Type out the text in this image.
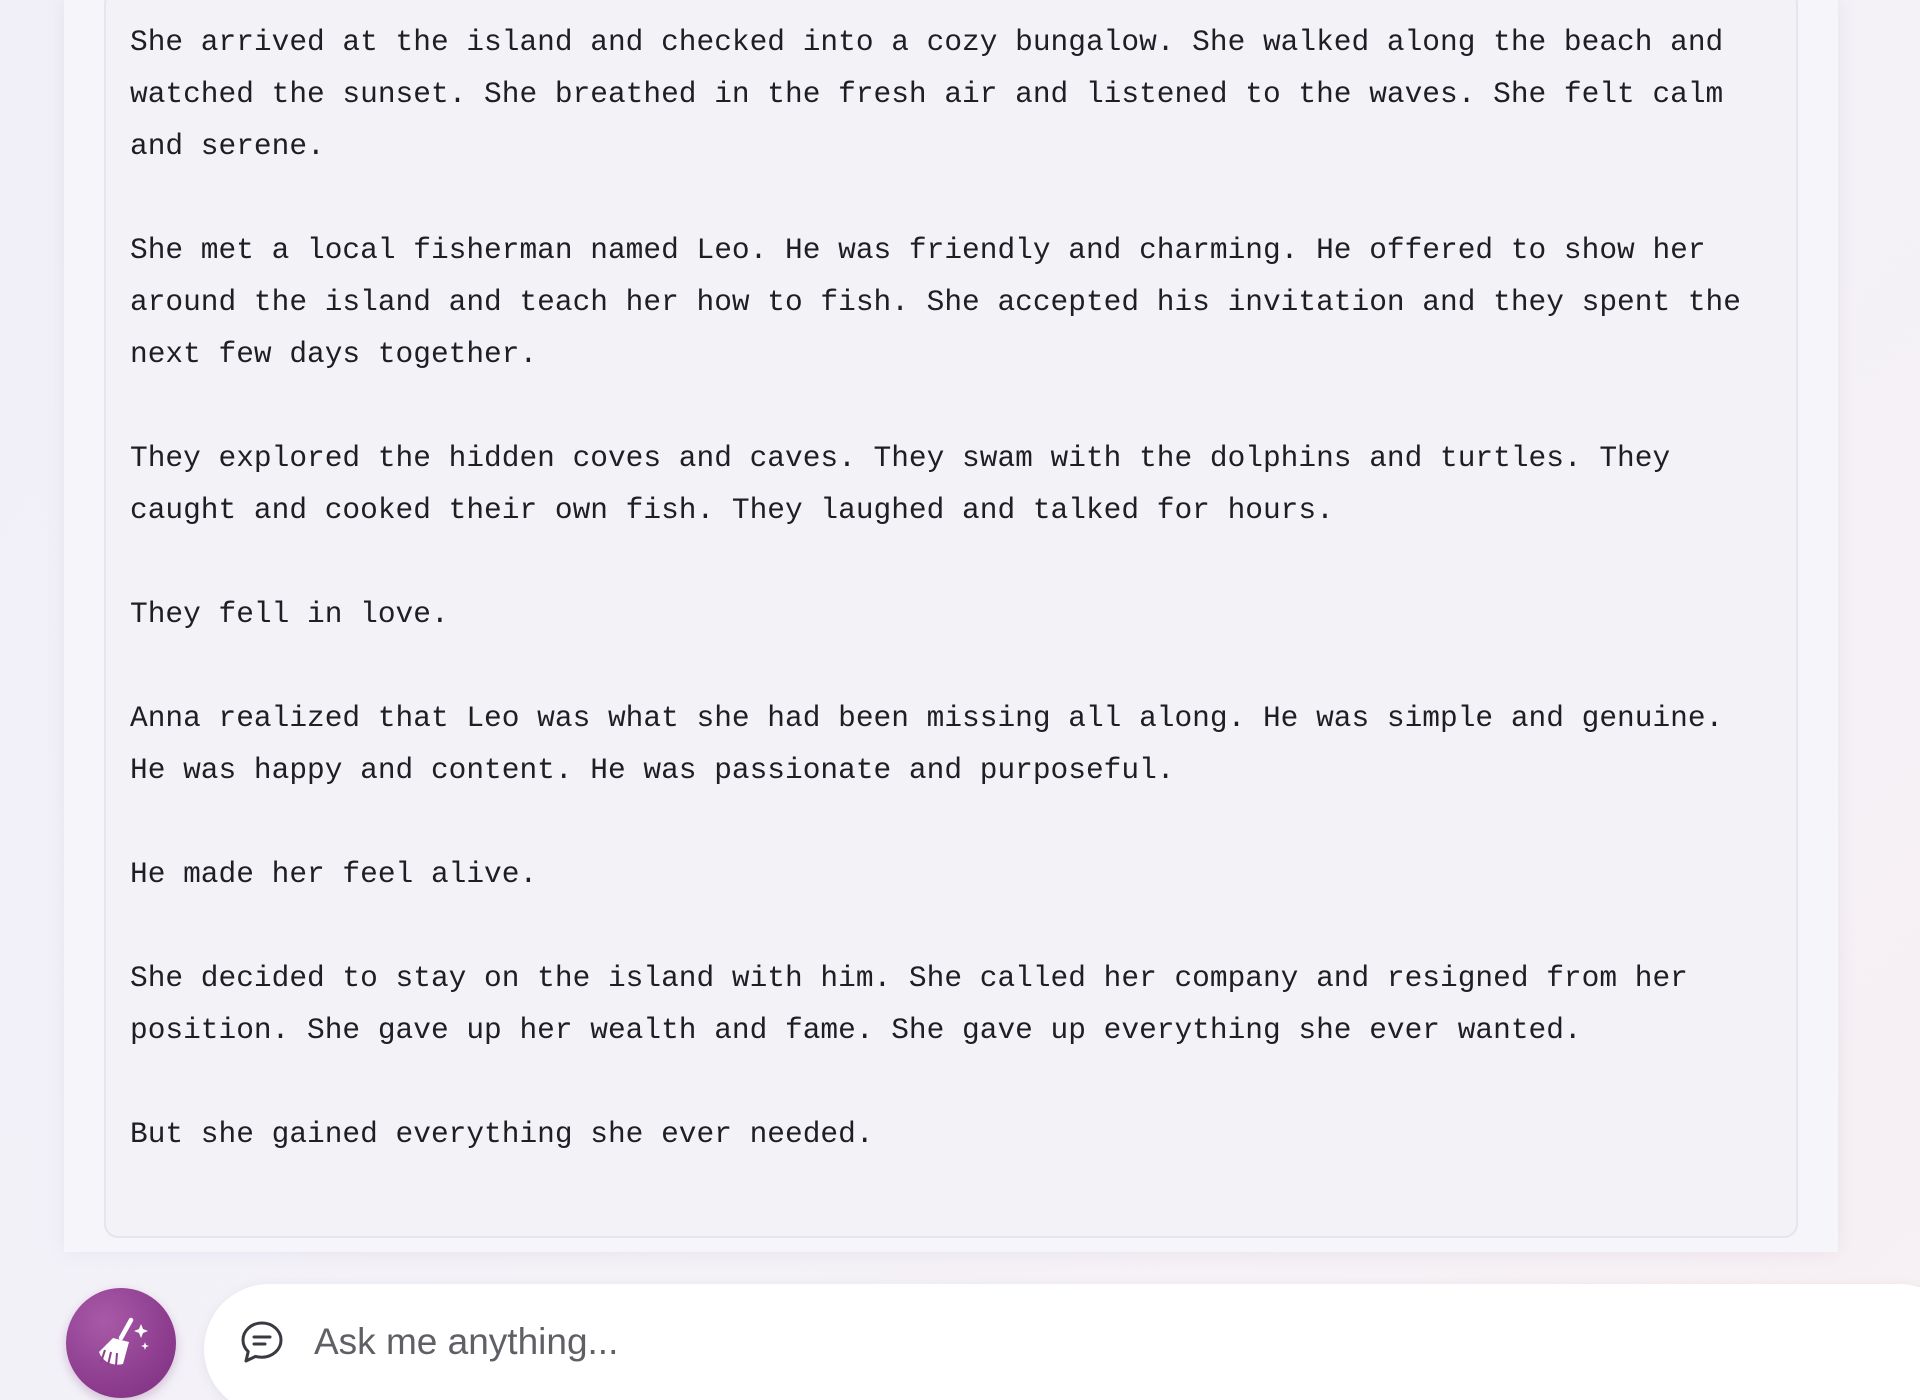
She arrived at the island and checked into a cozy bungalow. She walked along the beach and watched the sunset. She breathed in the fresh air and listened to the waves. She felt calm and serene.

She met a local fisherman named Leo. He was friendly and charming. He offered to show her around the island and teach her how to fish. She accepted his invitation and they spent the next few days together.

They explored the hidden coves and caves. They swam with the dolphins and turtles. They caught and cooked their own fish. They laughed and talked for hours.

They fell in love.

Anna realized that Leo was what she had been missing all along. He was simple and genuine. He was happy and content. He was passionate and purposeful.

He made her feel alive.

She decided to stay on the island with him. She called her company and resigned from her position. She gave up her wealth and fame. She gave up everything she ever wanted.

But she gained everything she ever needed.

Ask me anything...
